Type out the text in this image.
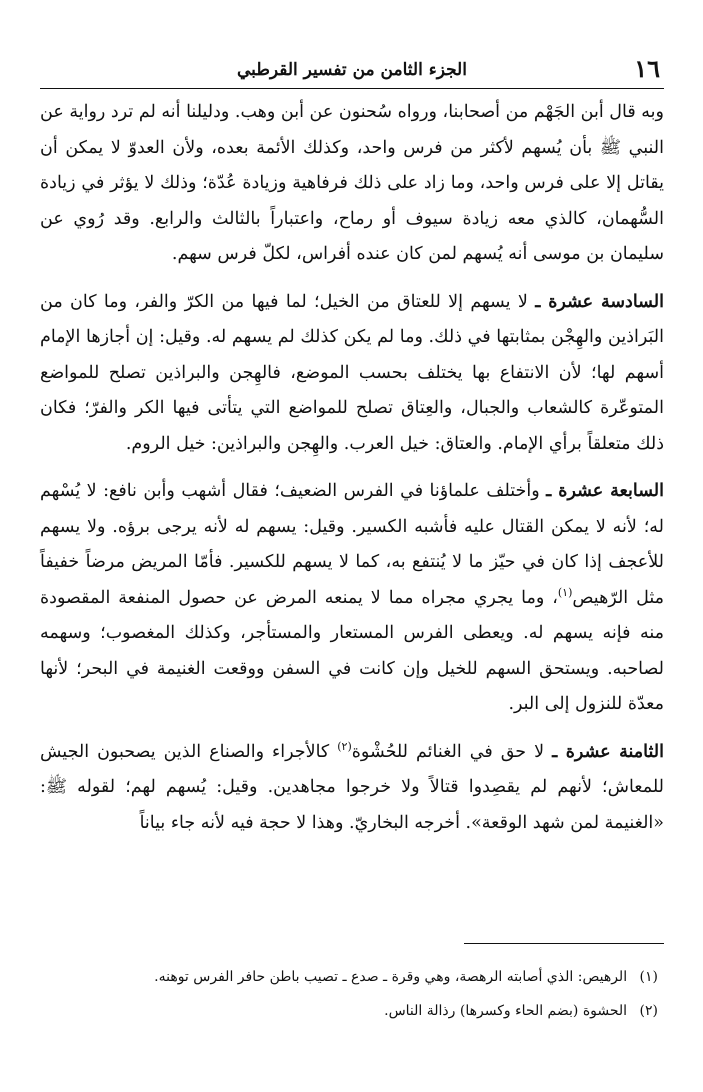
١٦
الجزء الثامن من تفسير القرطبي

وبه قال أبن الجَهْم من أصحابنا، ورواه سُحنون عن أبن وهب. ودليلنا أنه لم ترد رواية عن النبي ﷺ بأن يُسهم لأكثر من فرس واحد، وكذلك الأئمة بعده، ولأن العدوّ لا يمكن أن يقاتل إلا على فرس واحد، وما زاد على ذلك فرفاهية وزيادة عُدّة؛ وذلك لا يؤثر في زيادة السُّهمان، كالذي معه زيادة سيوف أو رماح، واعتباراً بالثالث والرابع. وقد رُوي عن سليمان بن موسى أنه يُسهم لمن كان عنده أفراس، لكلّ فرس سهم.

السادسة عشرة ـ لا يسهم إلا للعتاق من الخيل؛ لما فيها من الكرّ والفر، وما كان من البَراذين والهِجْن بمثابتها في ذلك. وما لم يكن كذلك لم يسهم له. وقيل: إن أجازها الإمام أسهم لها؛ لأن الانتفاع بها يختلف بحسب الموضع، فالهِجن والبراذين تصلح للمواضع المتوعّرة كالشعاب والجبال، والعِتاق تصلح للمواضع التي يتأتى فيها الكر والفرّ؛ فكان ذلك متعلقاً برأي الإمام. والعتاق: خيل العرب. والهِجن والبراذين: خيل الروم.

السابعة عشرة ـ وأختلف علماؤنا في الفرس الضعيف؛ فقال أشهب وأبن نافع: لا يُسْهم له؛ لأنه لا يمكن القتال عليه فأشبه الكسير. وقيل: يسهم له لأنه يرجى برؤه. ولا يسهم للأعجف إذا كان في حيّز ما لا يُنتفع به، كما لا يسهم للكسير. فأمّا المريض مرضاً خفيفاً مثل الرّهيص$^{(١)}$، وما يجري مجراه مما لا يمنعه المرض عن حصول المنفعة المقصودة منه فإنه يسهم له. ويعطى الفرس المستعار والمستأجر، وكذلك المغصوب؛ وسهمه لصاحبه. ويستحق السهم للخيل وإن كانت في السفن ووقعت الغنيمة في البحر؛ لأنها معدّة للنزول إلى البر.

الثامنة عشرة ـ لا حق في الغنائم للحُشْوة$^{(٢)}$ كالأجراء والصناع الذين يصحبون الجيش للمعاش؛ لأنهم لم يقصِدوا قتالاً ولا خرجوا مجاهدين. وقيل: يُسهم لهم؛ لقوله ﷺ: «الغنيمة لمن شهد الوقعة». أخرجه البخاريّ. وهذا لا حجة فيه لأنه جاء بياناً

(١) الرهيص: الذي أصابته الرهصة، وهي وقرة ـ صدع ـ تصيب باطن حافر الفرس توهنه.

(٢) الحشوة (بضم الحاء وكسرها) رذالة الناس.
